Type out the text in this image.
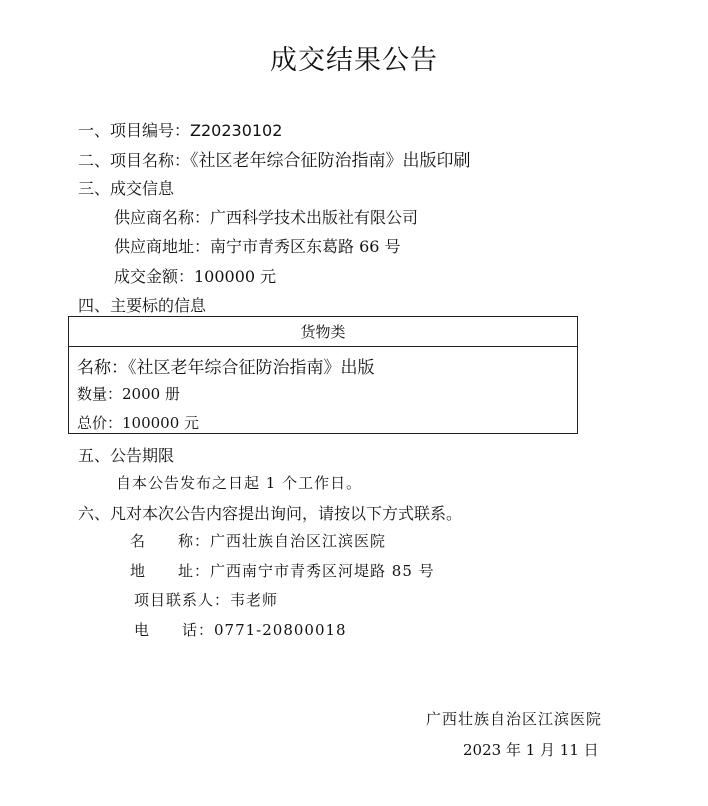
成交结果公告
一、项目编号：Z20230102
二、项目名称：《社区老年综合征防治指南》出版印刷
三、成交信息
供应商名称：广西科学技术出版社有限公司
供应商地址：南宁市青秀区东葛路 66 号
成交金额：100000 元
四、主要标的信息
货物类
名称：《社区老年综合征防治指南》出版
数量：2000 册
总价：100000 元
五、公告期限
自本公告发布之日起 1 个工作日。
六、凡对本次公告内容提出询问，请按以下方式联系。
名　　称：广西壮族自治区江滨医院
地　　址：广西南宁市青秀区河堤路 85 号
项目联系人：韦老师
电　　话：0771-20800018
广西壮族自治区江滨医院
2023 年 1 月 11 日
